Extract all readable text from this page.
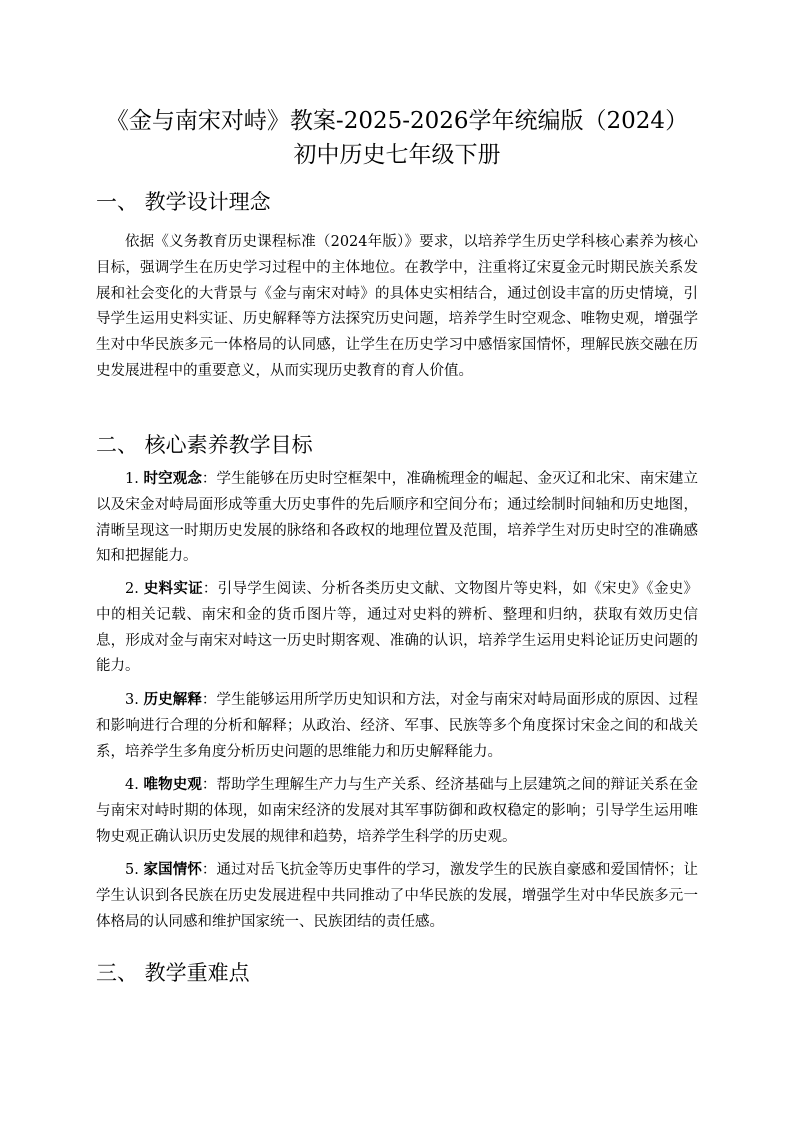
《金与南宋对峙》教案-2025-2026学年统编版（2024）初中历史七年级下册
一、 教学设计理念

依据《义务教育历史课程标准（2024年版）》要求，以培养学生历史学科核心素养为核心目标，强调学生在历史学习过程中的主体地位。在教学中，注重将辽宋夏金元时期民族关系发展和社会变化的大背景与《金与南宋对峙》的具体史实相结合，通过创设丰富的历史情境，引导学生运用史料实证、历史解释等方法探究历史问题，培养学生时空观念、唯物史观，增强学生对中华民族多元一体格局的认同感，让学生在历史学习中感悟家国情怀，理解民族交融在历史发展进程中的重要意义，从而实现历史教育的育人价值。

二、 核心素养教学目标

1. 时空观念：学生能够在历史时空框架中，准确梳理金的崛起、金灭辽和北宋、南宋建立以及宋金对峙局面形成等重大历史事件的先后顺序和空间分布；通过绘制时间轴和历史地图，清晰呈现这一时期历史发展的脉络和各政权的地理位置及范围，培养学生对历史时空的准确感知和把握能力。

2. 史料实证：引导学生阅读、分析各类历史文献、文物图片等史料，如《宋史》《金史》中的相关记载、南宋和金的货币图片等，通过对史料的辨析、整理和归纳，获取有效历史信息，形成对金与南宋对峙这一历史时期客观、准确的认识，培养学生运用史料论证历史问题的能力。

3. 历史解释：学生能够运用所学历史知识和方法，对金与南宋对峙局面形成的原因、过程和影响进行合理的分析和解释；从政治、经济、军事、民族等多个角度探讨宋金之间的和战关系，培养学生多角度分析历史问题的思维能力和历史解释能力。

4. 唯物史观：帮助学生理解生产力与生产关系、经济基础与上层建筑之间的辩证关系在金与南宋对峙时期的体现，如南宋经济的发展对其军事防御和政权稳定的影响；引导学生运用唯物史观正确认识历史发展的规律和趋势，培养学生科学的历史观。

5. 家国情怀：通过对岳飞抗金等历史事件的学习，激发学生的民族自豪感和爱国情怀；让学生认识到各民族在历史发展进程中共同推动了中华民族的发展，增强学生对中华民族多元一体格局的认同感和维护国家统一、民族团结的责任感。

三、 教学重难点
